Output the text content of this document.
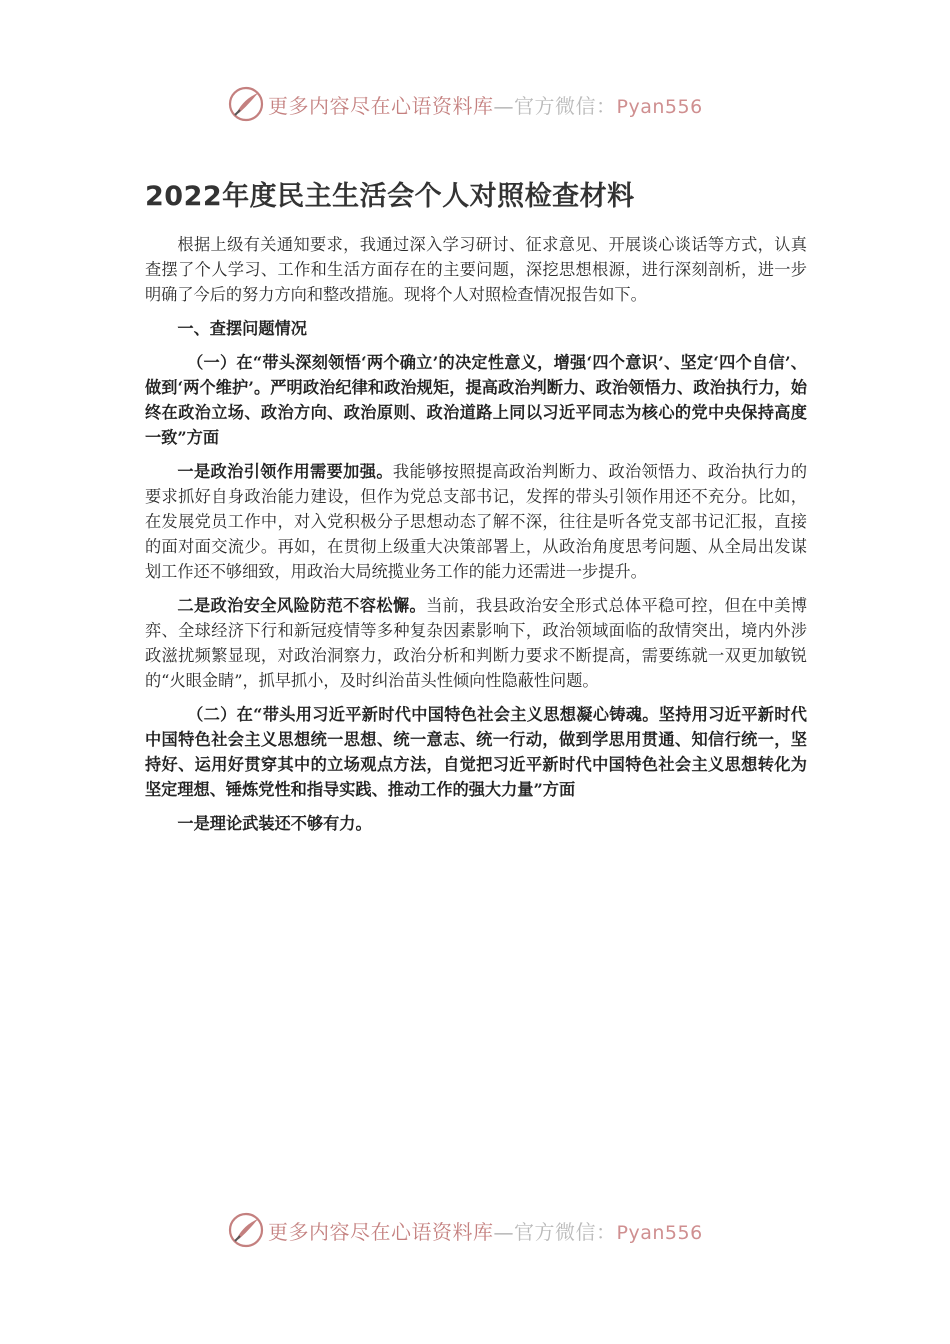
更多内容尽在心语资料库—官方微信：Pyan556
2022年度民主生活会个人对照检查材料

根据上级有关通知要求，我通过深入学习研讨、征求意见、开展谈心谈话等方式，认真查摆了个人学习、工作和生活方面存在的主要问题，深挖思想根源，进行深刻剖析，进一步明确了今后的努力方向和整改措施。现将个人对照检查情况报告如下。

一、查摆问题情况

（一）在“带头深刻领悟‘两个确立’的决定性意义，增强‘四个意识’、坚定‘四个自信’、做到‘两个维护’。严明政治纪律和政治规矩，提高政治判断力、政治领悟力、政治执行力，始终在政治立场、政治方向、政治原则、政治道路上同以习近平同志为核心的党中央保持高度一致”方面

一是政治引领作用需要加强。我能够按照提高政治判断力、政治领悟力、政治执行力的要求抓好自身政治能力建设，但作为党总支部书记，发挥的带头引领作用还不充分。比如，在发展党员工作中，对入党积极分子思想动态了解不深，往往是听各党支部书记汇报，直接的面对面交流少。再如，在贯彻上级重大决策部署上，从政治角度思考问题、从全局出发谋划工作还不够细致，用政治大局统揽业务工作的能力还需进一步提升。

二是政治安全风险防范不容松懈。当前，我县政治安全形式总体平稳可控，但在中美博弈、全球经济下行和新冠疫情等多种复杂因素影响下，政治领域面临的敌情突出，境内外涉政滋扰频繁显现，对政治洞察力，政治分析和判断力要求不断提高，需要练就一双更加敏锐的“火眼金睛”，抓早抓小，及时纠治苗头性倾向性隐蔽性问题。

（二）在“带头用习近平新时代中国特色社会主义思想凝心铸魂。坚持用习近平新时代中国特色社会主义思想统一思想、统一意志、统一行动，做到学思用贯通、知信行统一，坚持好、运用好贯穿其中的立场观点方法，自觉把习近平新时代中国特色社会主义思想转化为坚定理想、锤炼党性和指导实践、推动工作的强大力量”方面

一是理论武装还不够有力。

更多内容尽在心语资料库—官方微信：Pyan556
